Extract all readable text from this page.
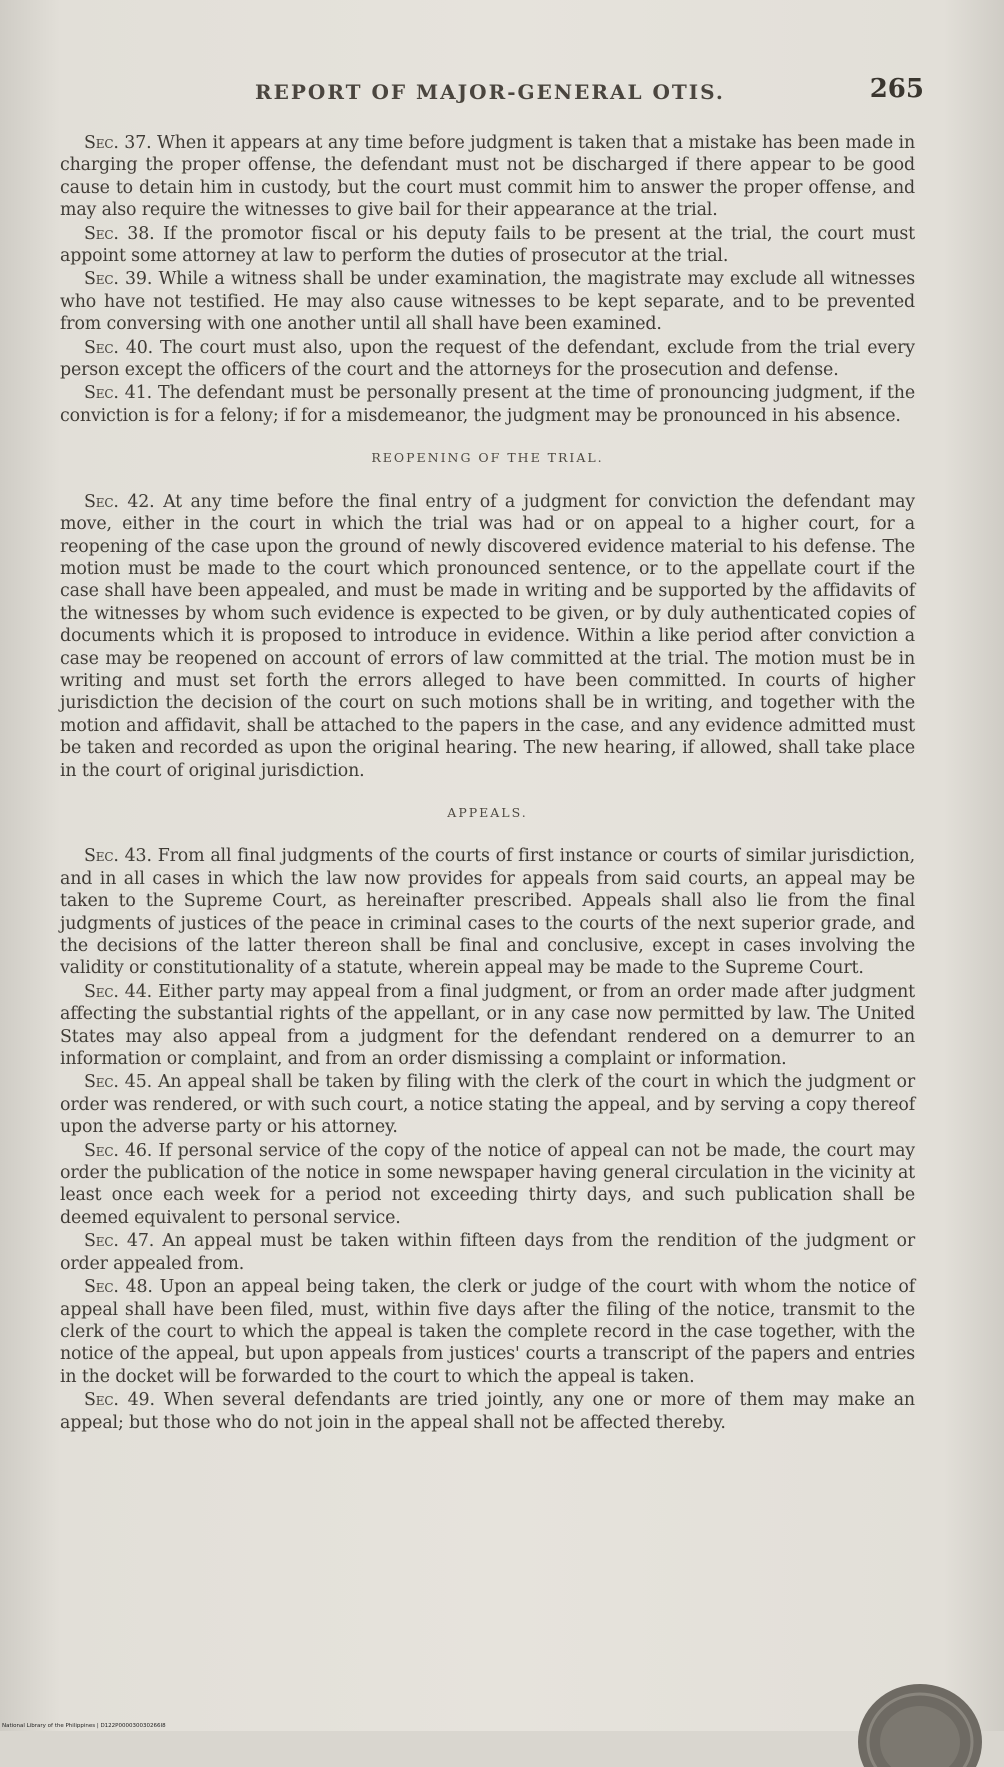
REPORT OF MAJOR-GENERAL OTIS.	265

Sec. 37. When it appears at any time before judgment is taken that a mistake has been made in charging the proper offense, the defendant must not be discharged if there appear to be good cause to detain him in custody, but the court must commit him to answer the proper offense, and may also require the witnesses to give bail for their appearance at the trial.

Sec. 38. If the promotor fiscal or his deputy fails to be present at the trial, the court must appoint some attorney at law to perform the duties of prosecutor at the trial.

Sec. 39. While a witness shall be under examination, the magistrate may exclude all witnesses who have not testified. He may also cause witnesses to be kept separate, and to be prevented from conversing with one another until all shall have been examined.

Sec. 40. The court must also, upon the request of the defendant, exclude from the trial every person except the officers of the court and the attorneys for the prosecution and defense.

Sec. 41. The defendant must be personally present at the time of pronouncing judgment, if the conviction is for a felony; if for a misdemeanor, the judgment may be pronounced in his absence.

REOPENING OF THE TRIAL.

Sec. 42. At any time before the final entry of a judgment for conviction the defendant may move, either in the court in which the trial was had or on appeal to a higher court, for a reopening of the case upon the ground of newly discovered evidence material to his defense. The motion must be made to the court which pronounced sentence, or to the appellate court if the case shall have been appealed, and must be made in writing and be supported by the affidavits of the witnesses by whom such evidence is expected to be given, or by duly authenticated copies of documents which it is proposed to introduce in evidence. Within a like period after conviction a case may be reopened on account of errors of law committed at the trial. The motion must be in writing and must set forth the errors alleged to have been committed. In courts of higher jurisdiction the decision of the court on such motions shall be in writing, and together with the motion and affidavit, shall be attached to the papers in the case, and any evidence admitted must be taken and recorded as upon the original hearing. The new hearing, if allowed, shall take place in the court of original jurisdiction.

APPEALS.

Sec. 43. From all final judgments of the courts of first instance or courts of similar jurisdiction, and in all cases in which the law now provides for appeals from said courts, an appeal may be taken to the Supreme Court, as hereinafter prescribed. Appeals shall also lie from the final judgments of justices of the peace in criminal cases to the courts of the next superior grade, and the decisions of the latter thereon shall be final and conclusive, except in cases involving the validity or constitutionality of a statute, wherein appeal may be made to the Supreme Court.

Sec. 44. Either party may appeal from a final judgment, or from an order made after judgment affecting the substantial rights of the appellant, or in any case now permitted by law. The United States may also appeal from a judgment for the defendant rendered on a demurrer to an information or complaint, and from an order dismissing a complaint or information.

Sec. 45. An appeal shall be taken by filing with the clerk of the court in which the judgment or order was rendered, or with such court, a notice stating the appeal, and by serving a copy thereof upon the adverse party or his attorney.

Sec. 46. If personal service of the copy of the notice of appeal can not be made, the court may order the publication of the notice in some newspaper having general circulation in the vicinity at least once each week for a period not exceeding thirty days, and such publication shall be deemed equivalent to personal service.

Sec. 47. An appeal must be taken within fifteen days from the rendition of the judgment or order appealed from.

Sec. 48. Upon an appeal being taken, the clerk or judge of the court with whom the notice of appeal shall have been filed, must, within five days after the filing of the notice, transmit to the clerk of the court to which the appeal is taken the complete record in the case together, with the notice of the appeal, but upon appeals from justices' courts a transcript of the papers and entries in the docket will be forwarded to the court to which the appeal is taken.

Sec. 49. When several defendants are tried jointly, any one or more of them may make an appeal; but those who do not join in the appeal shall not be affected thereby.

National Library of the Philippines | D122P000030030266I8
